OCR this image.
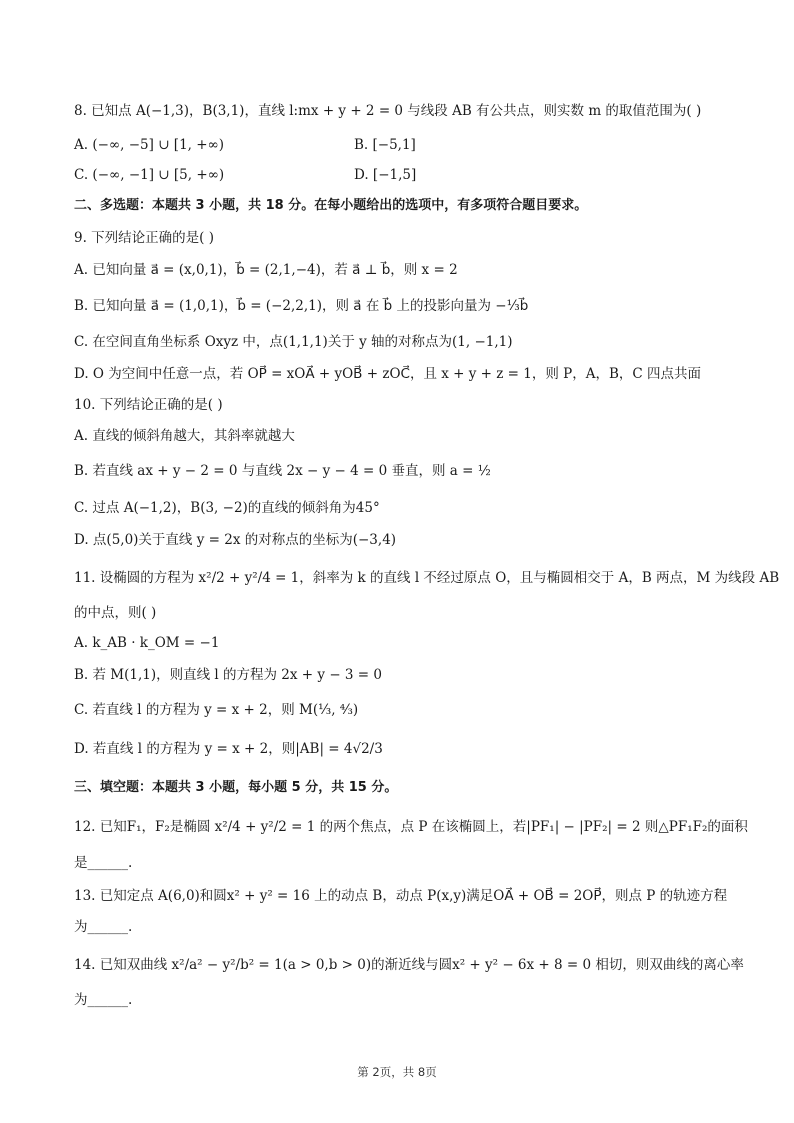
8. 已知点 A(−1,3)，B(3,1)，直线 l:mx + y + 2 = 0 与线段 AB 有公共点，则实数 m 的取值范围为( )
A. (−∞, −5] ∪ [1, +∞)	B. [−5,1]
C. (−∞, −1] ∪ [5, +∞)	D. [−1,5]
二、多选题：本题共 3 小题，共 18 分。在每小题给出的选项中，有多项符合题目要求。
9. 下列结论正确的是( )
A. 已知向量 a⃗ = (x,0,1)，b⃗ = (2,1,−4)，若 a⃗ ⊥ b⃗，则 x = 2
B. 已知向量 a⃗ = (1,0,1)，b⃗ = (−2,2,1)，则 a⃗ 在 b⃗ 上的投影向量为 −⅓b⃗
C. 在空间直角坐标系 Oxyz 中，点(1,1,1)关于 y 轴的对称点为(1, −1,1)
D. O 为空间中任意一点，若 OP⃗ = xOA⃗ + yOB⃗ + zOC⃗，且 x + y + z = 1，则 P，A，B，C 四点共面
10. 下列结论正确的是( )
A. 直线的倾斜角越大，其斜率就越大
B. 若直线 ax + y − 2 = 0 与直线 2x − y − 4 = 0 垂直，则 a = ½
C. 过点 A(−1,2)，B(3, −2)的直线的倾斜角为45°
D. 点(5,0)关于直线 y = 2x 的对称点的坐标为(−3,4)
11. 设椭圆的方程为 x²/2 + y²/4 = 1，斜率为 k 的直线 l 不经过原点 O，且与椭圆相交于 A，B 两点，M 为线段 AB
的中点，则( )
A. k_AB · k_OM = −1
B. 若 M(1,1)，则直线 l 的方程为 2x + y − 3 = 0
C. 若直线 l 的方程为 y = x + 2，则 M(⅓, ⁴⁄₃)
D. 若直线 l 的方程为 y = x + 2，则|AB| = 4√2/3
三、填空题：本题共 3 小题，每小题 5 分，共 15 分。
12. 已知F₁，F₂是椭圆 x²/4 + y²/2 = 1 的两个焦点，点 P 在该椭圆上，若|PF₁| − |PF₂| = 2 则△PF₁F₂的面积
是______.
13. 已知定点 A(6,0)和圆x² + y² = 16 上的动点 B，动点 P(x,y)满足OA⃗ + OB⃗ = 2OP⃗，则点 P 的轨迹方程
为______.
14. 已知双曲线 x²/a² − y²/b² = 1(a > 0,b > 0)的渐近线与圆x² + y² − 6x + 8 = 0 相切，则双曲线的离心率
为______.
第 2页，共 8页
